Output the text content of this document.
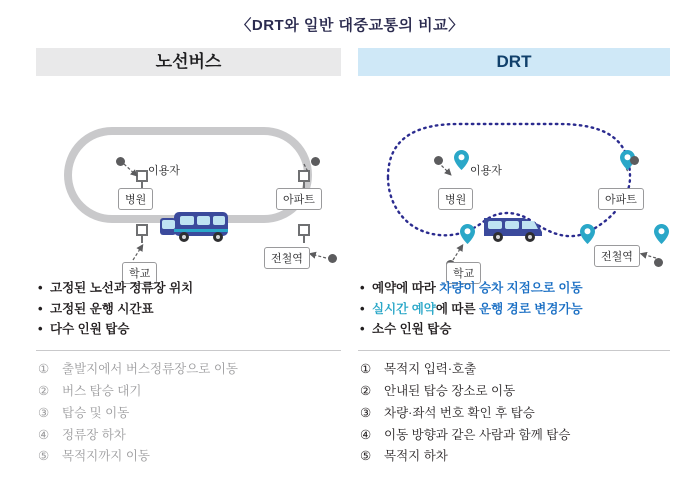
〈DRT와 일반 대중교통의 비교〉
노선버스
병원	아파트
학교
전철역
이용자
• 고정된 노선과 정류장 위치
• 고정된 운행 시간표
• 다수 인원 탑승
① 출발지에서 버스정류장으로 이동
② 버스 탑승 대기
③ 탑승 및 이동
④ 정류장 하차
⑤ 목적지까지 이동
DRT
병원	아파트
학교
전철역
이용자
• 예약에 따라 차량이 승차 지점으로 이동
• 실시간 예약에 따른 운행 경로 변경가능
• 소수 인원 탑승
① 목적지 입력·호출
② 안내된 탑승 장소로 이동
③ 차량·좌석 번호 확인 후 탑승
④ 이동 방향과 같은 사람과 함께 탑승
⑤ 목적지 하차
